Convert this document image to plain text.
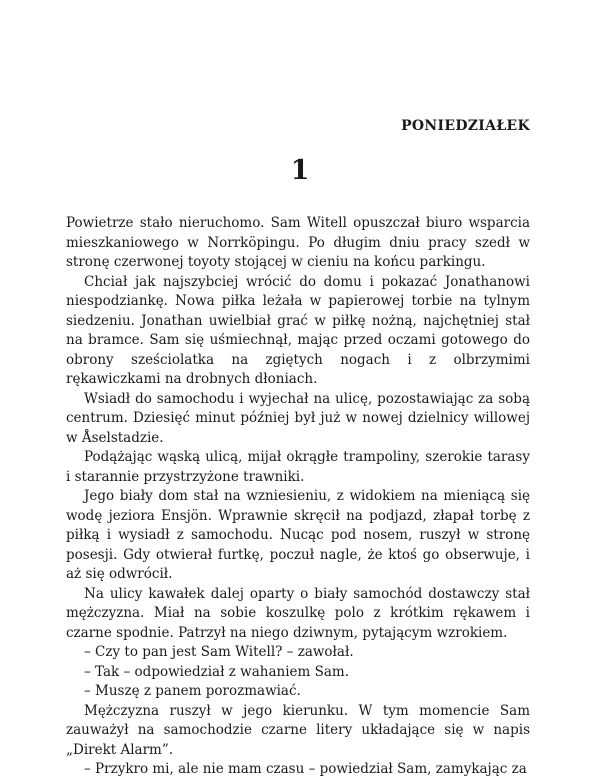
PONIEDZIAŁEK
1

Powietrze stało nieruchomo. Sam Witell opuszczał biuro wsparcia mieszkaniowego w Norrköpingu. Po długim dniu pracy szedł w stronę czerwonej toyoty stojącej w cieniu na końcu parkingu.

Chciał jak najszybciej wrócić do domu i pokazać Jonathanowi niespodziankę. Nowa piłka leżała w papierowej torbie na tylnym siedzeniu. Jonathan uwielbiał grać w piłkę nożną, najchętniej stał na bramce. Sam się uśmiechnął, mając przed oczami gotowego do obrony sześciolatka na zgiętych nogach i z olbrzymimi rękawiczkami na drobnych dłoniach.

Wsiadł do samochodu i wyjechał na ulicę, pozostawiając za sobą centrum. Dziesięć minut później był już w nowej dzielnicy willowej w Åselstadzie.

Podążając wąską ulicą, mijał okrągłe trampoliny, szerokie tarasy i starannie przystrzyżone trawniki.

Jego biały dom stał na wzniesieniu, z widokiem na mieniącą się wodę jeziora Ensjön. Wprawnie skręcił na podjazd, złapał torbę z piłką i wysiadł z samochodu. Nucąc pod nosem, ruszył w stronę posesji. Gdy otwierał furtkę, poczuł nagle, że ktoś go obserwuje, i aż się odwrócił.

Na ulicy kawałek dalej oparty o biały samochód dostawczy stał mężczyzna. Miał na sobie koszulkę polo z krótkim rękawem i czarne spodnie. Patrzył na niego dziwnym, pytającym wzrokiem.

– Czy to pan jest Sam Witell? – zawołał.

– Tak – odpowiedział z wahaniem Sam.

– Muszę z panem porozmawiać.

Mężczyzna ruszył w jego kierunku. W tym momencie Sam zauważył na samochodzie czarne litery układające się w napis „Direkt Alarm”.

– Przykro mi, ale nie mam czasu – powiedział Sam, zamykając za
